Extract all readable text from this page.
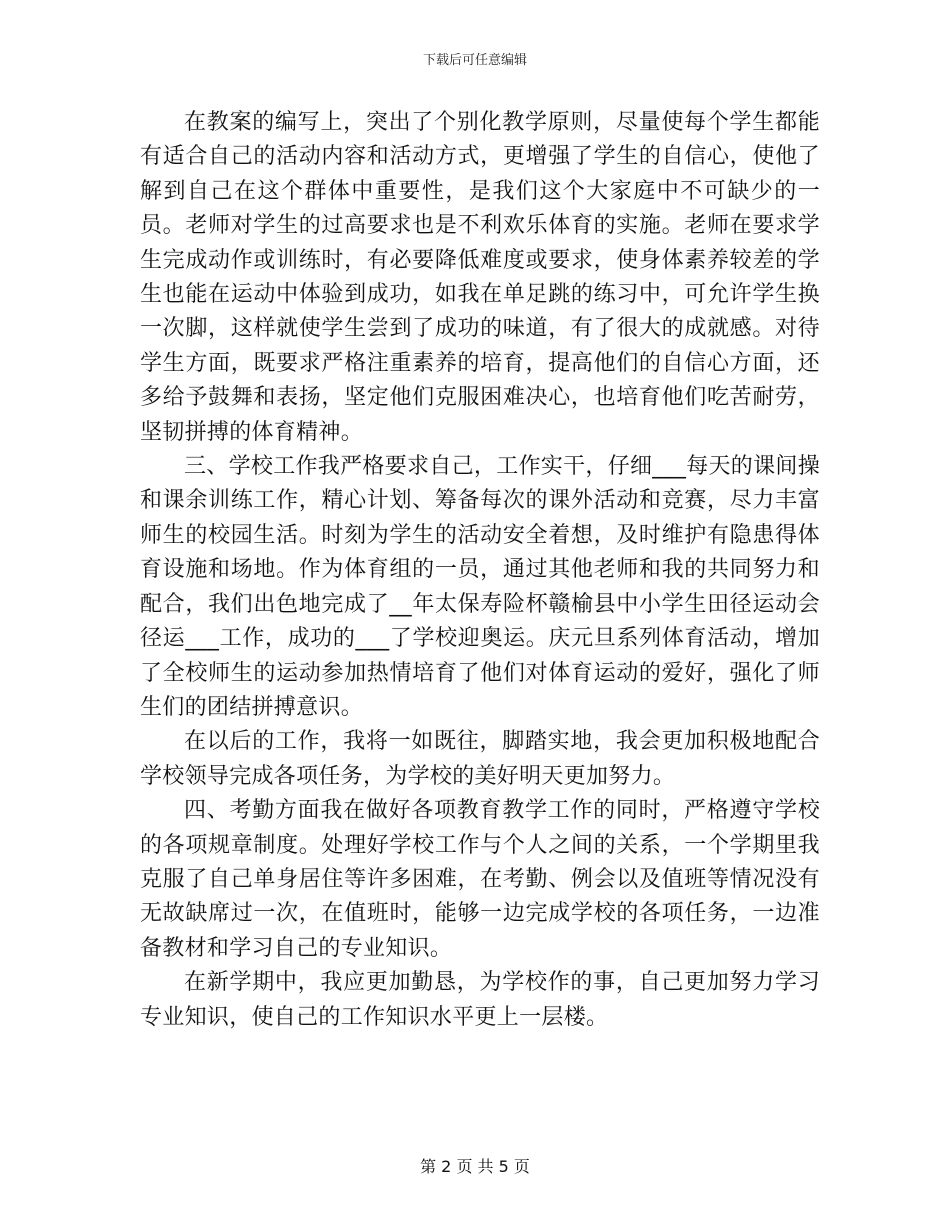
下载后可任意编辑

在教案的编写上，突出了个别化教学原则，尽量使每个学生都能有适合自己的活动内容和活动方式，更增强了学生的自信心，使他了解到自己在这个群体中重要性，是我们这个大家庭中不可缺少的一员。老师对学生的过高要求也是不利欢乐体育的实施。老师在要求学生完成动作或训练时，有必要降低难度或要求，使身体素养较差的学生也能在运动中体验到成功，如我在单足跳的练习中，可允许学生换一次脚，这样就使学生尝到了成功的味道，有了很大的成就感。对待学生方面，既要求严格注重素养的培育，提高他们的自信心方面，还多给予鼓舞和表扬，坚定他们克服困难决心，也培育他们吃苦耐劳，坚韧拼搏的体育精神。

三、学校工作我严格要求自己，工作实干，仔细___每天的课间操和课余训练工作，精心计划、筹备每次的课外活动和竞赛，尽力丰富师生的校园生活。时刻为学生的活动安全着想，及时维护有隐患得体育设施和场地。作为体育组的一员，通过其他老师和我的共同努力和配合，我们出色地完成了__年太保寿险杯赣榆县中小学生田径运动会径运___工作，成功的___了学校迎奥运。庆元旦系列体育活动，增加了全校师生的运动参加热情培育了他们对体育运动的爱好，强化了师生们的团结拼搏意识。

在以后的工作，我将一如既往，脚踏实地，我会更加积极地配合学校领导完成各项任务，为学校的美好明天更加努力。

四、考勤方面我在做好各项教育教学工作的同时，严格遵守学校的各项规章制度。处理好学校工作与个人之间的关系，一个学期里我克服了自己单身居住等许多困难，在考勤、例会以及值班等情况没有无故缺席过一次，在值班时，能够一边完成学校的各项任务，一边准备教材和学习自己的专业知识。

在新学期中，我应更加勤恳，为学校作的事，自己更加努力学习专业知识，使自己的工作知识水平更上一层楼。

第 2 页 共 5 页
